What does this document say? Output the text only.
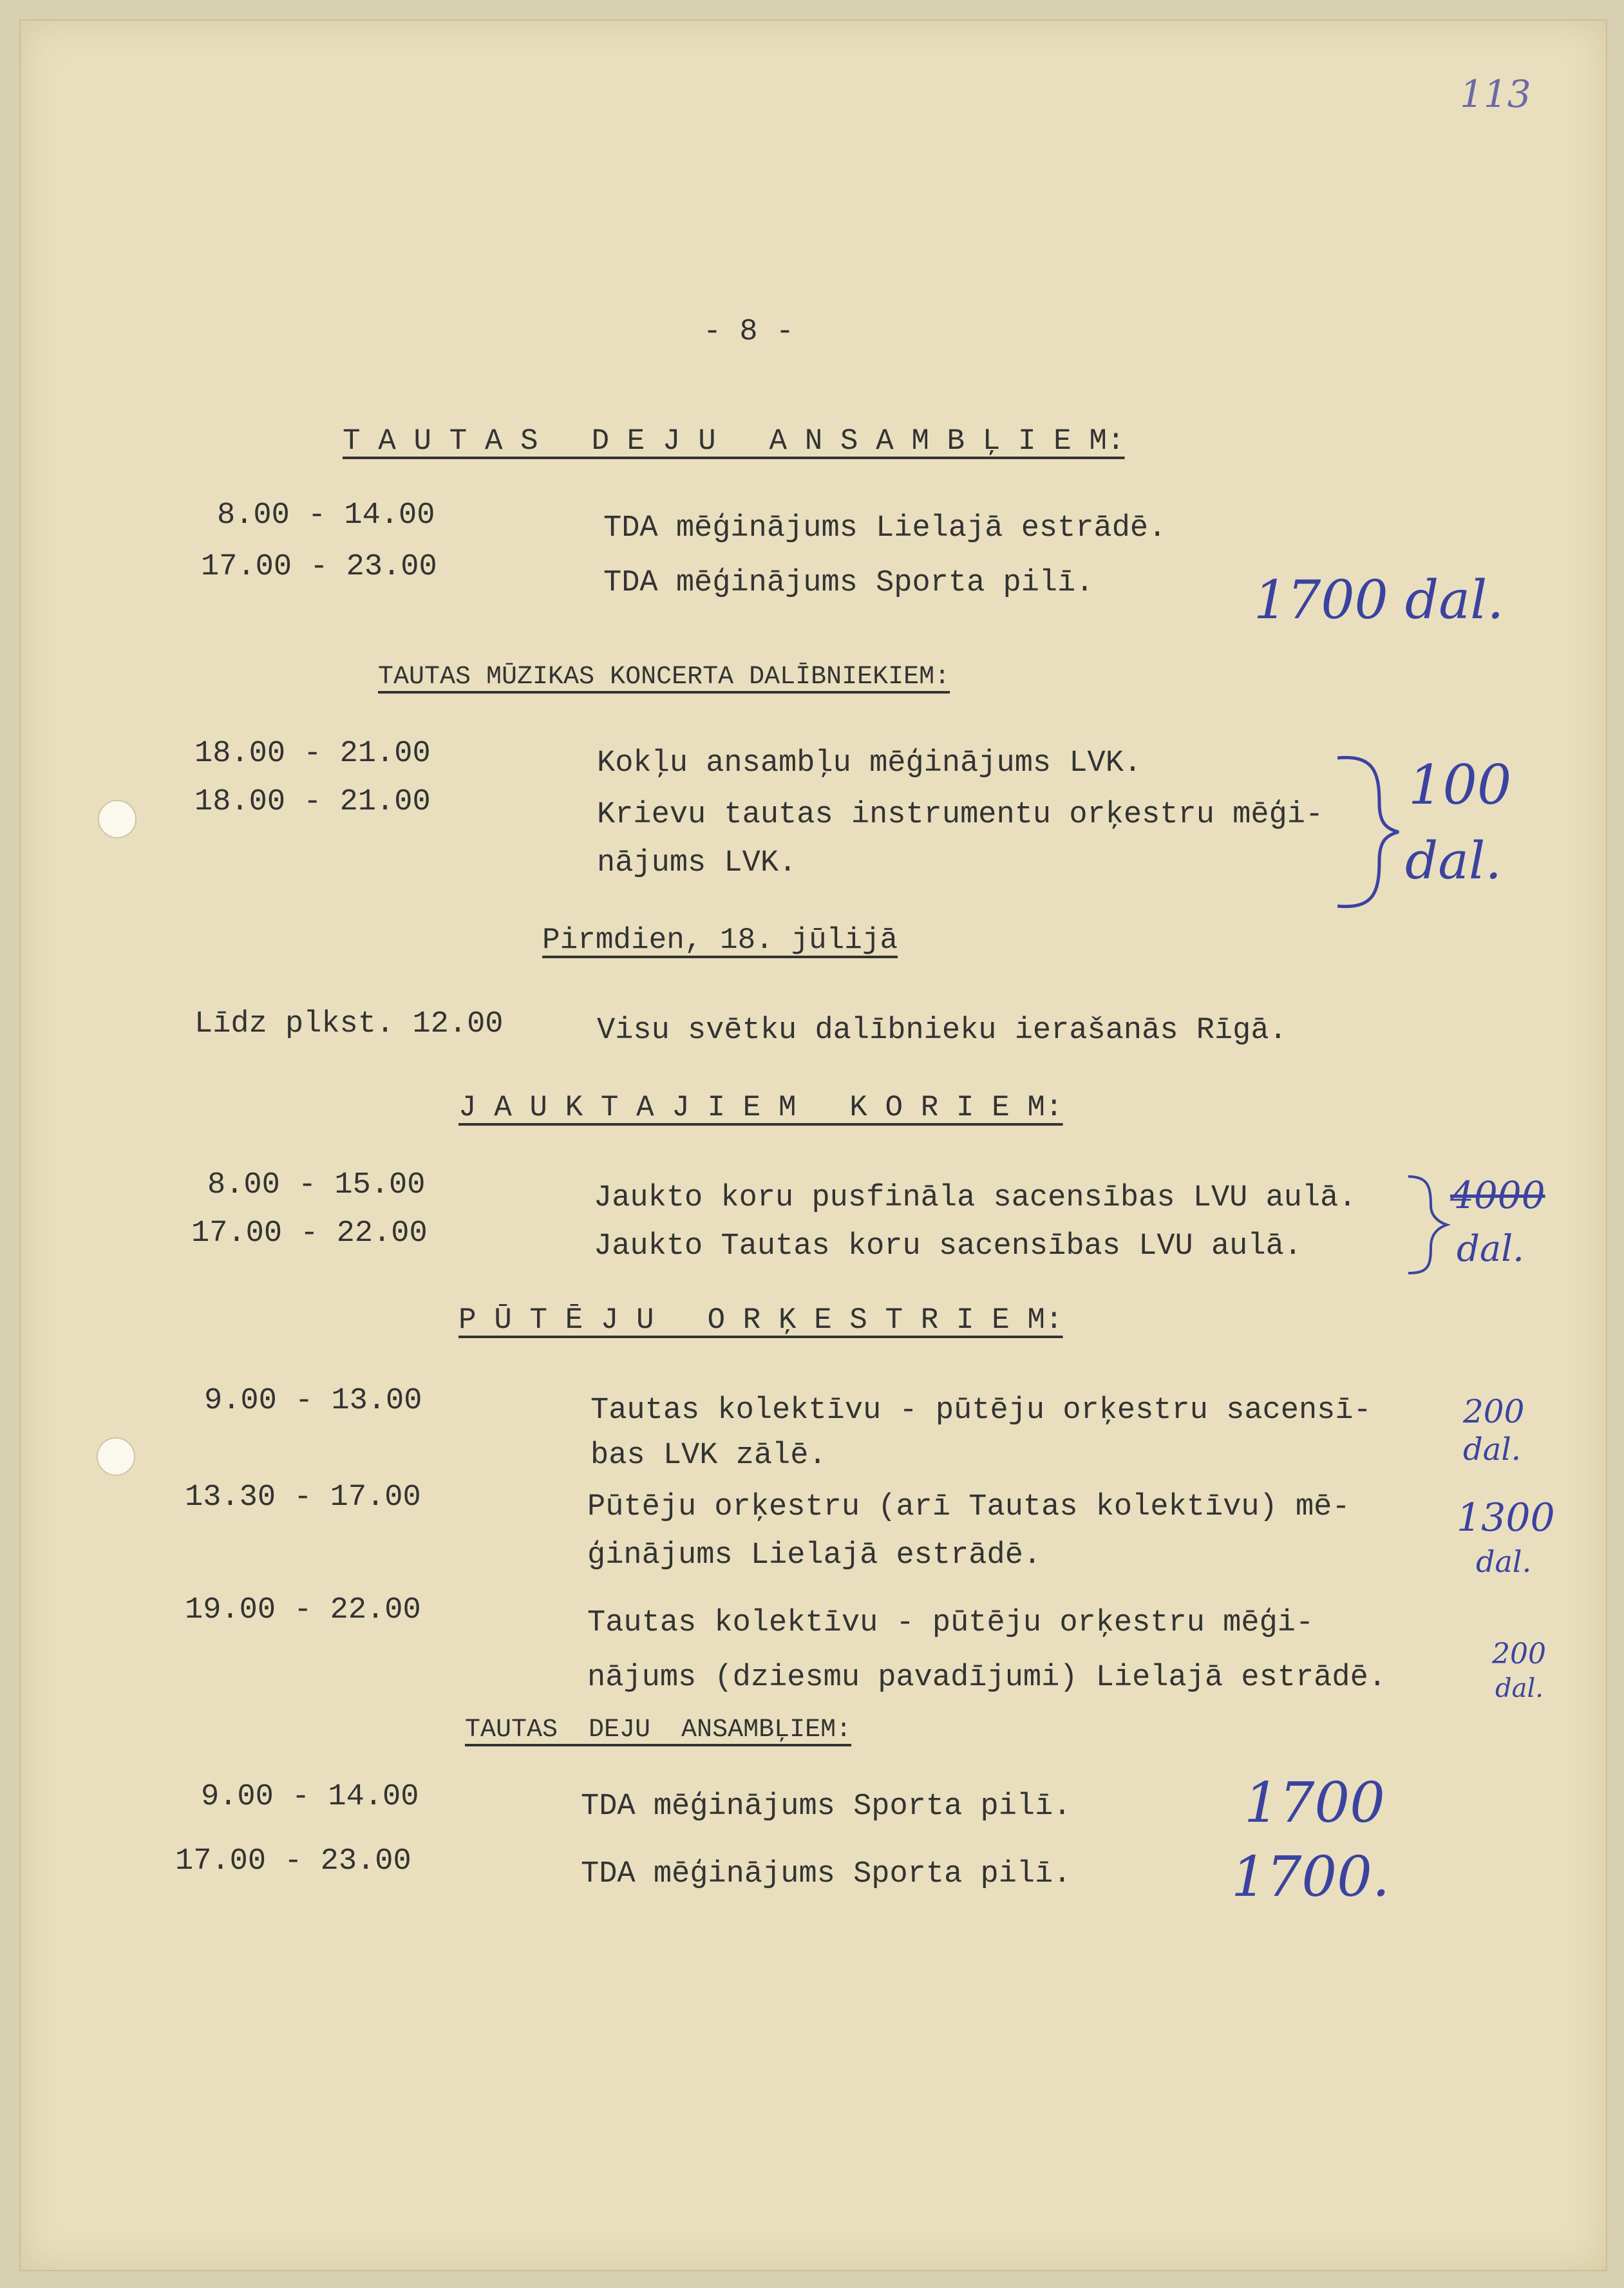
113
- 8 -
T A U T A S   D E J U   A N S A M B Ļ I E M:
8.00 - 14.00	TDA mēģinājums Lielajā estrādē.
17.00 - 23.00	TDA mēģinājums Sporta pilī.	1700 dal.
TAUTAS MŪZIKAS KONCERTA DALĪBNIEKIEM:
18.00 - 21.00	Kokļu ansambļu mēģinājums LVK.
18.00 - 21.00	Krievu tautas instrumentu orķestru mēģi-
nājums LVK.
100
dal.
Pirmdien, 18. jūlijā
Līdz plkst. 12.00	Visu svētku dalībnieku ierašanās Rīgā.
J A U K T A J I E M   K O R I E M:
8.00 - 15.00	Jaukto koru pusfināla sacensības LVU aulā.
17.00 - 22.00	Jaukto Tautas koru sacensības LVU aulā.
4000
dal.
P Ū T Ē J U   O R Ķ E S T R I E M:
9.00 - 13.00	Tautas kolektīvu - pūtēju orķestru sacensī-
bas LVK zālē.
200
dal.
13.30 - 17.00	Pūtēju orķestru (arī Tautas kolektīvu) mē-
ģinājums Lielajā estrādē.
1300
dal.
19.00 - 22.00	Tautas kolektīvu - pūtēju orķestru mēģi-
nājums (dziesmu pavadījumi) Lielajā estrādē.
200
dal.
TAUTAS  DEJU  ANSAMBĻIEM:
9.00 - 14.00	TDA mēģinājums Sporta pilī.	1700
17.00 - 23.00	TDA mēģinājums Sporta pilī.	1700.
